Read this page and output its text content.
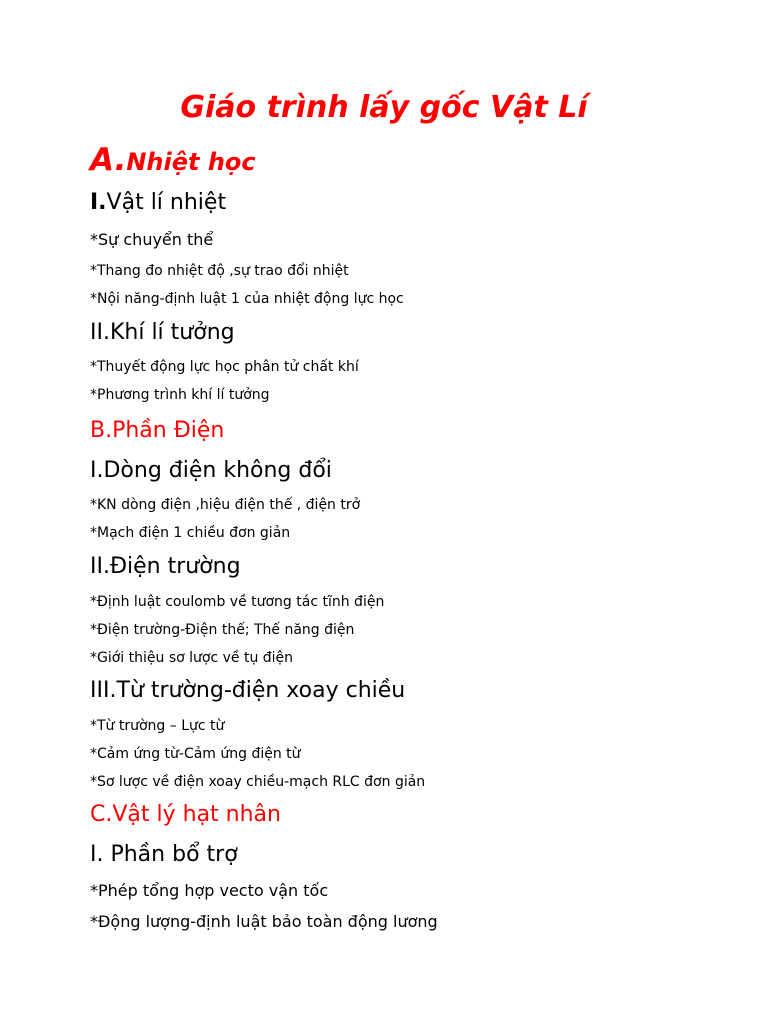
Giáo trình lấy gốc Vật Lí
A.Nhiệt học
I.Vật lí nhiệt
*Sự chuyển thể
*Thang đo nhiệt độ ,sự trao đổi nhiệt
*Nội năng-định luật 1 của nhiệt động lực học
II.Khí lí tưởng
*Thuyết động lực học phân tử chất khí
*Phương trình khí lí tưởng
B.Phần Điện
I.Dòng điện không đổi
*KN dòng điện ,hiệu điện thế , điện trở
*Mạch điện 1 chiều đơn giản
II.Điện trường
*Định luật coulomb về tương tác tĩnh điện
*Điện trường-Điện thế; Thế năng điện
*Giới thiệu sơ lược về tụ điện
III.Từ trường-điện xoay chiều
*Từ trường – Lực từ
*Cảm ứng từ-Cảm ứng điện từ
*Sơ lược về điện xoay chiều-mạch RLC đơn giản
C.Vật lý hạt nhân
I. Phần bổ trợ
*Phép tổng hợp vecto vận tốc
*Động lượng-định luật bảo toàn động lương
